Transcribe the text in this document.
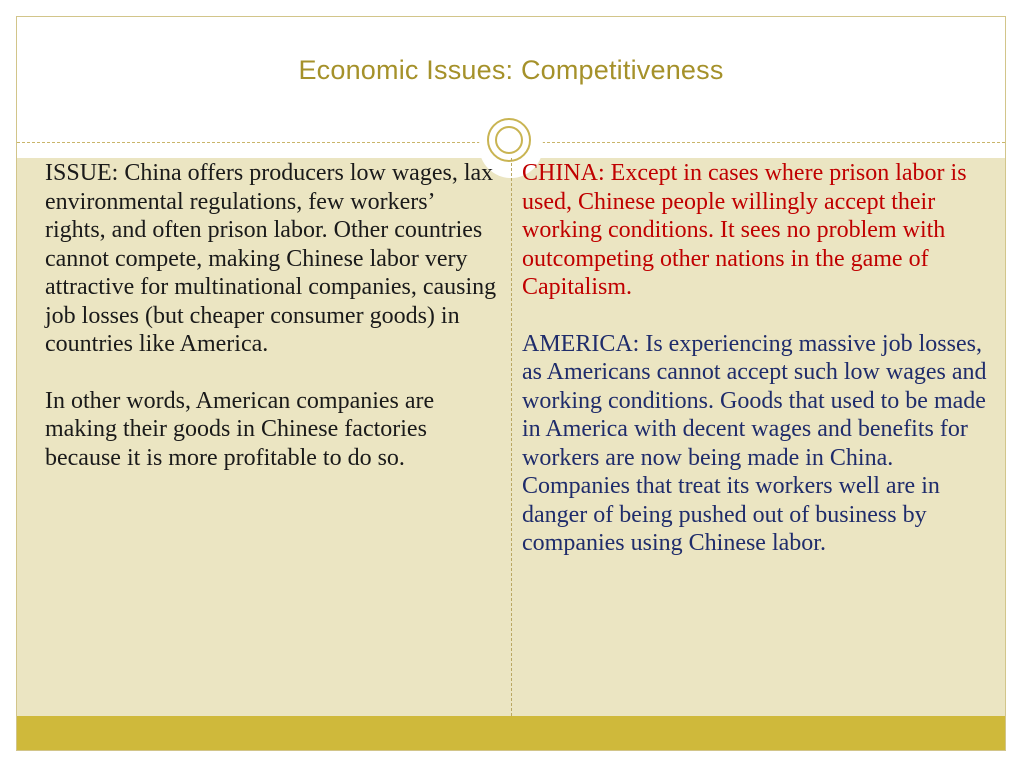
Economic Issues: Competitiveness

ISSUE: China offers producers low wages, lax environmental regulations, few workers’ rights, and often prison labor. Other countries cannot compete, making Chinese labor very attractive for multinational companies, causing job losses (but cheaper consumer goods) in countries like America.

In other words, American companies are making their goods in Chinese factories because it is more profitable to do so.

CHINA: Except in cases where prison labor is used, Chinese people willingly accept their working conditions. It sees no problem with outcompeting other nations in the game of Capitalism.

AMERICA: Is experiencing massive job losses, as Americans cannot accept such low wages and working conditions. Goods that used to be made in America with decent wages and benefits for workers are now being made in China. Companies that treat its workers well are in danger of being pushed out of business by companies using Chinese labor.
